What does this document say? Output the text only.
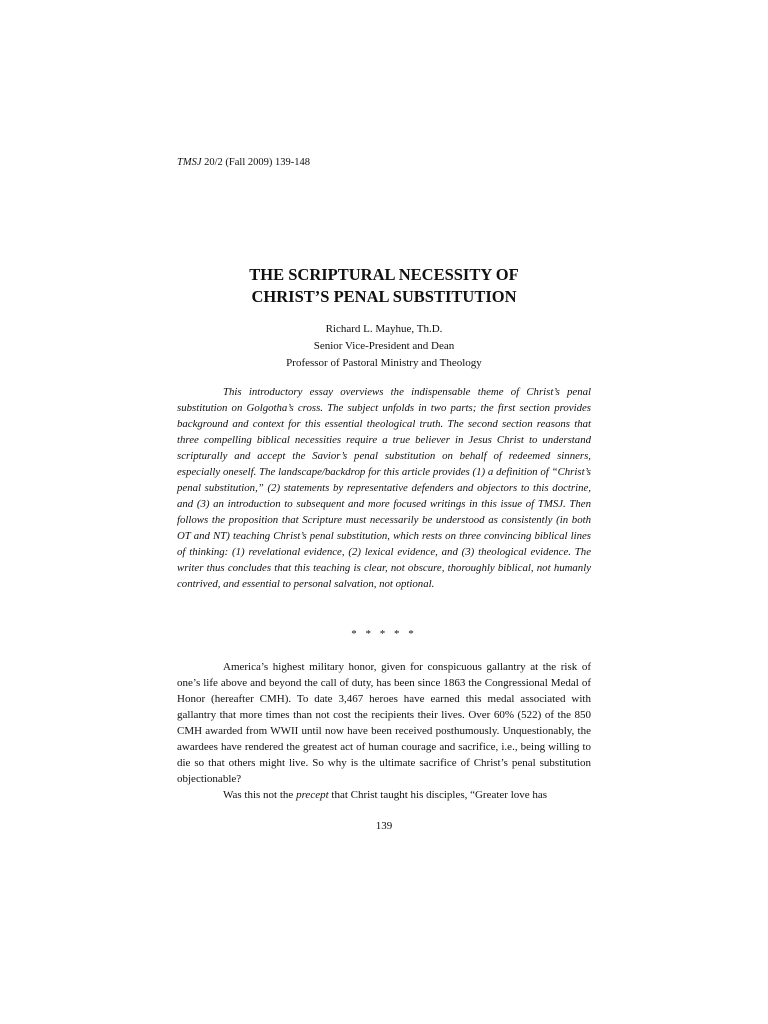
TMSJ 20/2 (Fall 2009) 139-148
THE SCRIPTURAL NECESSITY OF
CHRIST’S PENAL SUBSTITUTION
Richard L. Mayhue, Th.D.
Senior Vice-President and Dean
Professor of Pastoral Ministry and Theology

This introductory essay overviews the indispensable theme of Christ’s penal substitution on Golgotha’s cross. The subject unfolds in two parts; the first section provides background and context for this essential theological truth. The second section reasons that three compelling biblical necessities require a true believer in Jesus Christ to understand scripturally and accept the Savior’s penal substitution on behalf of redeemed sinners, especially oneself. The landscape/backdrop for this article provides (1) a definition of “Christ’s penal substitution,” (2) statements by representative defenders and objectors to this doctrine, and (3) an introduction to subsequent and more focused writings in this issue of TMSJ. Then follows the proposition that Scripture must necessarily be understood as consistently (in both OT and NT) teaching Christ’s penal substitution, which rests on three convincing biblical lines of thinking: (1) revelational evidence, (2) lexical evidence, and (3) theological evidence. The writer thus concludes that this teaching is clear, not obscure, thoroughly biblical, not humanly contrived, and essential to personal salvation, not optional.

* * * * *

America’s highest military honor, given for conspicuous gallantry at the risk of one’s life above and beyond the call of duty, has been since 1863 the Congressional Medal of Honor (hereafter CMH). To date 3,467 heroes have earned this medal associated with gallantry that more times than not cost the recipients their lives. Over 60% (522) of the 850 CMH awarded from WWII until now have been received posthumously. Unquestionably, the awardees have rendered the greatest act of human courage and sacrifice, i.e., being willing to die so that others might live. So why is the ultimate sacrifice of Christ’s penal substitution objectionable?

Was this not the precept that Christ taught his disciples, “Greater love has

139
